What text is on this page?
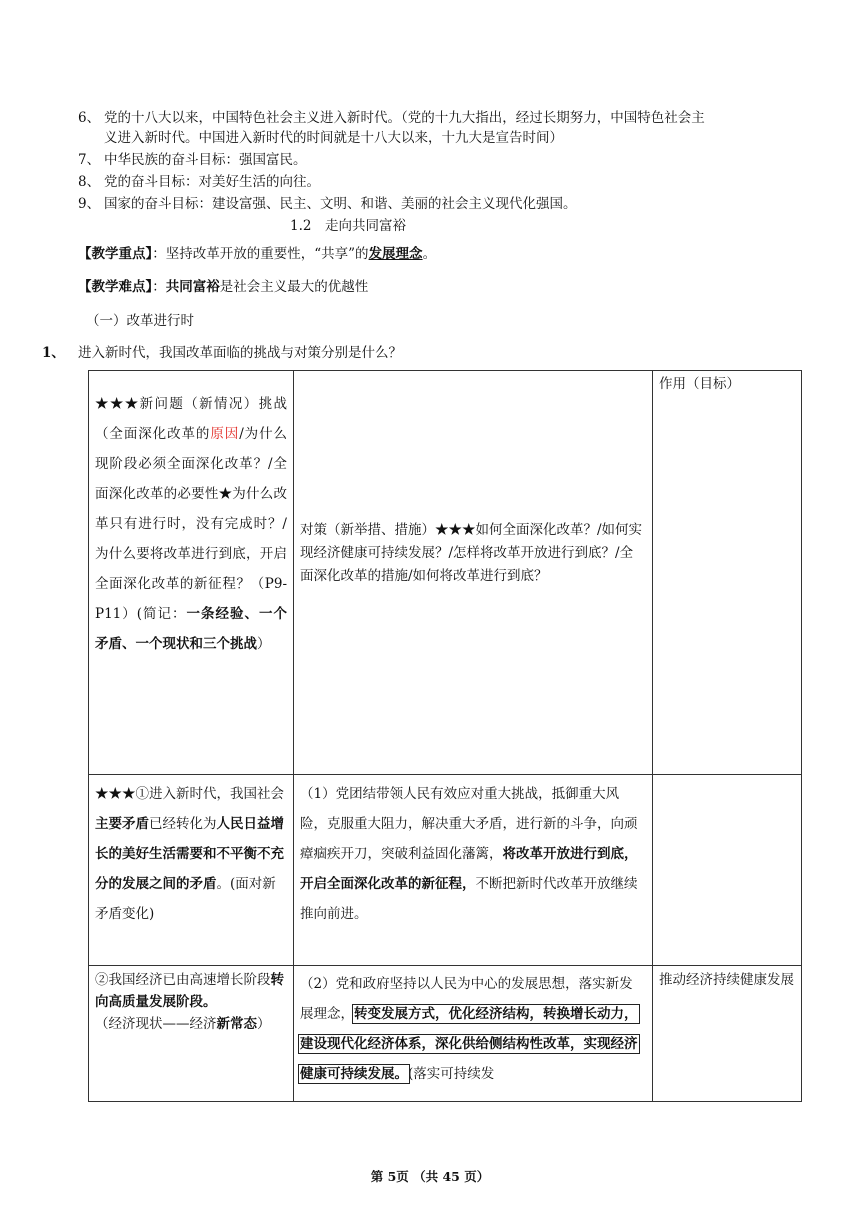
6、 党的十八大以来，中国特色社会主义进入新时代。（党的十九大指出，经过长期努力，中国特色社会主
义进入新时代。中国进入新时代的时间就是十八大以来，十九大是宣告时间）
7、 中华民族的奋斗目标：强国富民。
8、 党的奋斗目标：对美好生活的向往。
9、 国家的奋斗目标：建设富强、民主、文明、和谐、美丽的社会主义现代化强国。
1.2　走向共同富裕
【教学重点】：坚持改革开放的重要性，“共享”的发展理念。
【教学难点】：共同富裕是社会主义最大的优越性
（一）改革进行时
1、 进入新时代，我国改革面临的挑战与对策分别是什么？
★★★新问题（新情况）挑战（全面深化改革的原因/为什么现阶段必须全面深化改革？/全面深化改革的必要性★为什么改革只有进行时，没有完成时？/为什么要将改革进行到底，开启全面深化改革的新征程？（P9-P11）(简记：一条经验、一个矛盾、一个现状和三个挑战）	对策（新举措、措施）★★★如何全面深化改革？/如何实现经济健康可持续发展？/怎样将改革开放进行到底？/全面深化改革的措施/如何将改革进行到底？	作用（目标）
★★★①进入新时代，我国社会主要矛盾已经转化为人民日益增长的美好生活需要和不平衡不充分的发展之间的矛盾。(面对新矛盾变化)	（1）党团结带领人民有效应对重大挑战，抵御重大风险，克服重大阻力，解决重大矛盾，进行新的斗争，向顽瘴痼疾开刀，突破利益固化藩篱，将改革开放进行到底，开启全面深化改革的新征程，不断把新时代改革开放继续推向前进。	
②我国经济已由高速增长阶段转向高质量发展阶段。
（经济现状——经济新常态）	（2）党和政府坚持以人民为中心的发展思想，落实新发展理念，转变发展方式，优化经济结构，转换增长动力，建设现代化经济体系，深化供给侧结构性改革，实现经济健康可持续发展。(落实可持续发	推动经济持续健康发展
第 5页 （共 45 页）
